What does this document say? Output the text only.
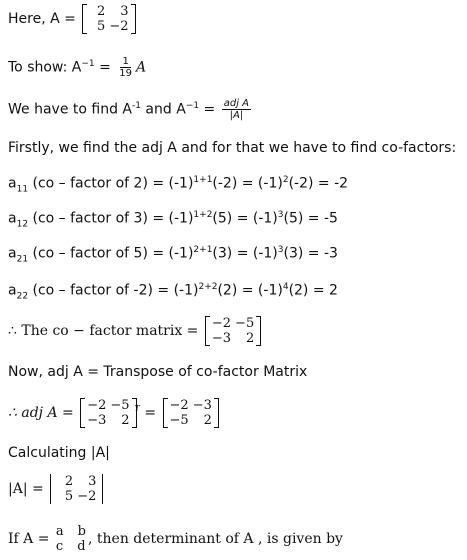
Here, A =	2	3
5 −2
To show: $A^{-1} = \frac{1}{19}$ A
We have to find $A^{-1}$ and $A^{-1} = \frac{\text{adj A}}{|A|}$
Firstly, we find the adj A and for that we have to find co-factors:
$a_{11}$ (co – factor of $2) = (-1)^{1+1}(-2) = (-1)^2(-2) = -2$
$a_{12}$ (co – factor of $3) = (-1)^{1+2}(5) = (-1)^3(5) = -5$
$a_{21}$ (co – factor of $5) = (-1)^{2+1}(3) = (-1)^3(3) = -3$
$a_{22}$ (co – factor of $-2) = (-1)^{2+2}(2) = (-1)^4(2) = 2$
∴ The co − factor matrix = −2 −5
−3	2
Now, adj A = Transpose of co-factor Matrix
∴ adj A = −2 −5
−3	2
$^T$ = −2 −3
−5	2
Calculating |A|
|A| =	2	3
5 −2
If A = a b
c d , then determinant of A , is given by
